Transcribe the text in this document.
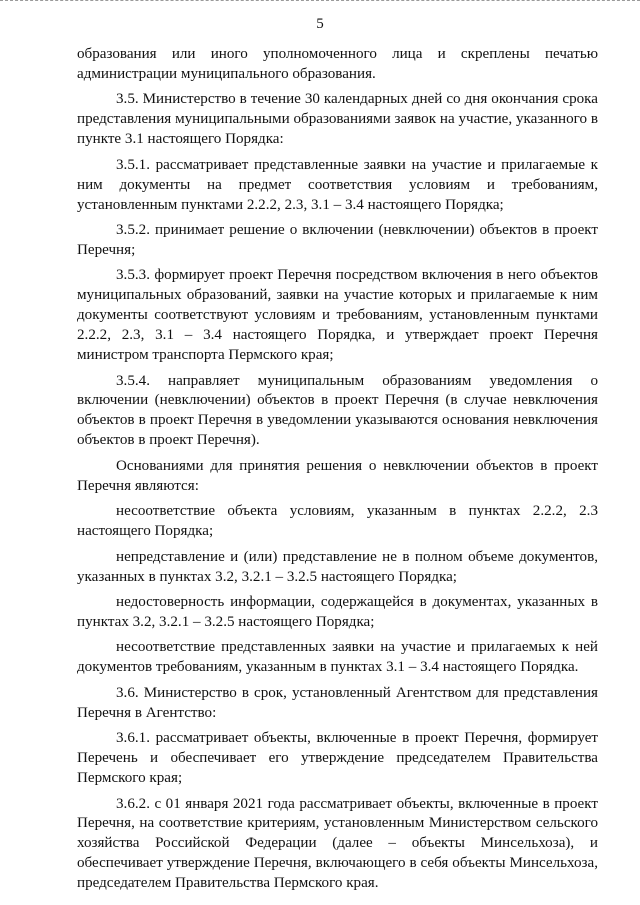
5

образования или иного уполномоченного лица и скреплены печатью администрации муниципального образования.

3.5. Министерство в течение 30 календарных дней со дня окончания срока представления муниципальными образованиями заявок на участие, указанного в пункте 3.1 настоящего Порядка:

3.5.1. рассматривает представленные заявки на участие и прилагаемые к ним документы на предмет соответствия условиям и требованиям, установленным пунктами 2.2.2, 2.3, 3.1 – 3.4 настоящего Порядка;

3.5.2. принимает решение о включении (невключении) объектов в проект Перечня;

3.5.3. формирует проект Перечня посредством включения в него объектов муниципальных образований, заявки на участие которых и прилагаемые к ним документы соответствуют условиям и требованиям, установленным пунктами 2.2.2, 2.3, 3.1 – 3.4 настоящего Порядка, и утверждает проект Перечня министром транспорта Пермского края;

3.5.4. направляет муниципальным образованиям уведомления о включении (невключении) объектов в проект Перечня (в случае невключения объектов в проект Перечня в уведомлении указываются основания невключения объектов в проект Перечня).

Основаниями для принятия решения о невключении объектов в проект Перечня являются:

несоответствие объекта условиям, указанным в пунктах 2.2.2, 2.3 настоящего Порядка;

непредставление и (или) представление не в полном объеме документов, указанных в пунктах 3.2, 3.2.1 – 3.2.5 настоящего Порядка;

недостоверность информации, содержащейся в документах, указанных в пунктах 3.2, 3.2.1 – 3.2.5 настоящего Порядка;

несоответствие представленных заявки на участие и прилагаемых к ней документов требованиям, указанным в пунктах 3.1 – 3.4 настоящего Порядка.

3.6. Министерство в срок, установленный Агентством для представления Перечня в Агентство:

3.6.1. рассматривает объекты, включенные в проект Перечня, формирует Перечень и обеспечивает его утверждение председателем Правительства Пермского края;

3.6.2. с 01 января 2021 года рассматривает объекты, включенные в проект Перечня, на соответствие критериям, установленным Министерством сельского хозяйства Российской Федерации (далее – объекты Минсельхоза), и обеспечивает утверждение Перечня, включающего в себя объекты Минсельхоза, председателем Правительства Пермского края.
